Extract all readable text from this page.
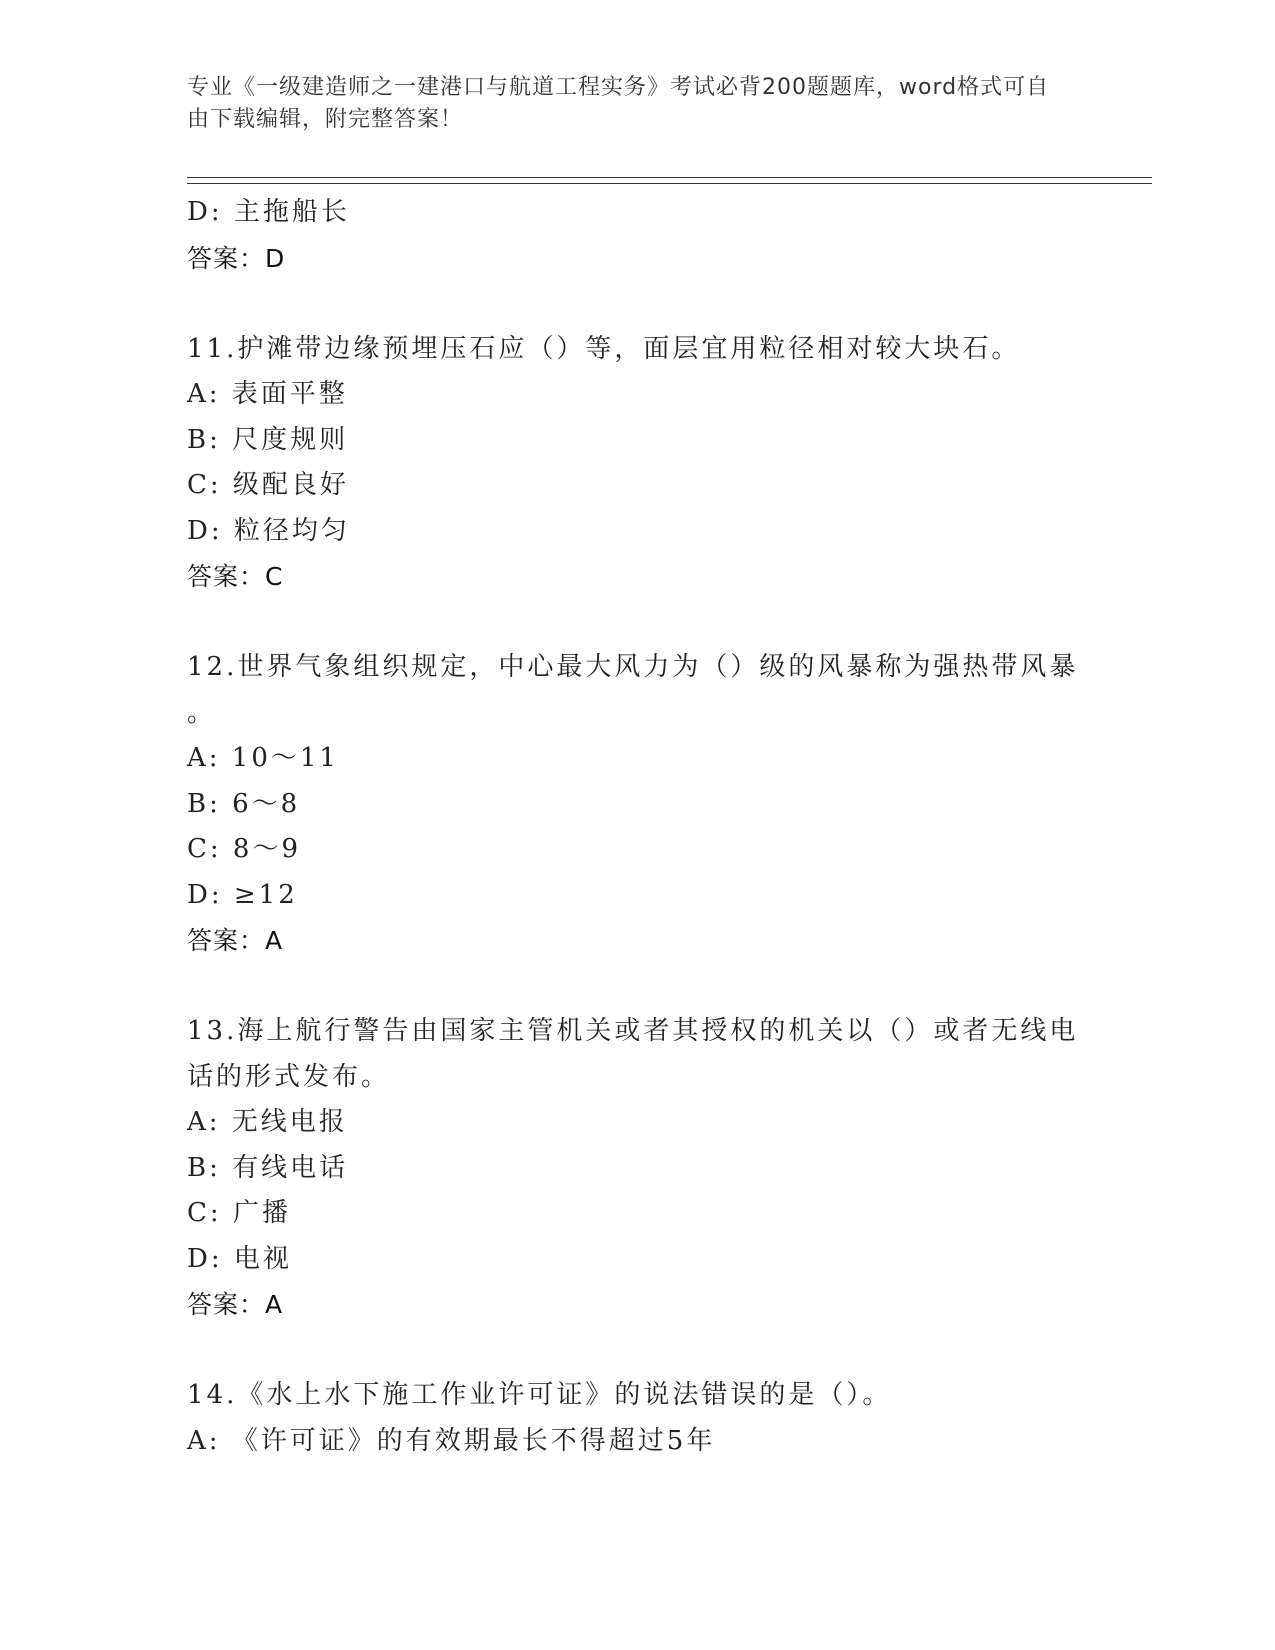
专业《一级建造师之一建港口与航道工程实务》考试必背200题题库，word格式可自由下载编辑，附完整答案！
D: 主拖船长
答案：D
11.护滩带边缘预埋压石应（）等，面层宜用粒径相对较大块石。
A: 表面平整
B: 尺度规则
C: 级配良好
D: 粒径均匀
答案：C
12.世界气象组织规定，中心最大风力为（）级的风暴称为强热带风暴
。
A: 10～11
B: 6～8
C: 8～9
D: ≥12
答案：A
13.海上航行警告由国家主管机关或者其授权的机关以（）或者无线电
话的形式发布。
A: 无线电报
B: 有线电话
C: 广播
D: 电视
答案：A
14.《水上水下施工作业许可证》的说法错误的是（）。
A: 《许可证》的有效期最长不得超过5年
